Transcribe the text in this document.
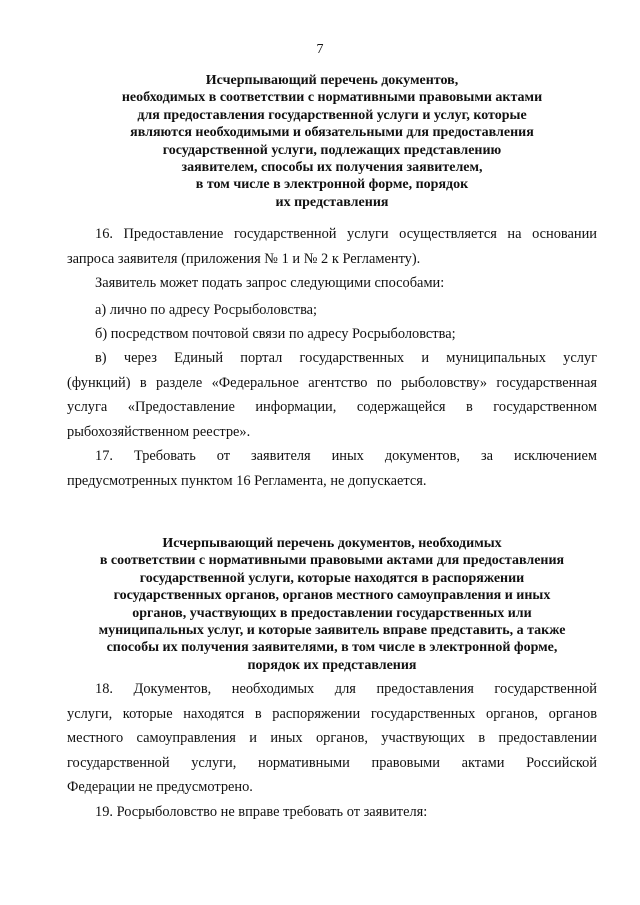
7
Исчерпывающий перечень документов,
необходимых в соответствии с нормативными правовыми актами
для предоставления государственной услуги и услуг, которые
являются необходимыми и обязательными для предоставления
государственной услуги, подлежащих представлению
заявителем, способы их получения заявителем,
в том числе в электронной форме, порядок
их представления
16. Предоставление государственной услуги осуществляется на основании
запроса заявителя (приложения № 1 и № 2 к Регламенту).
Заявитель может подать запрос следующими способами:
а) лично по адресу Росрыболовства;
б) посредством почтовой связи по адресу Росрыболовства;
в) через Единый портал государственных и муниципальных услуг
(функций) в разделе «Федеральное агентство по рыболовству» государственная
услуга «Предоставление информации, содержащейся в государственном
рыбохозяйственном реестре».
17. Требовать от заявителя иных документов, за исключением
предусмотренных пунктом 16 Регламента, не допускается.
Исчерпывающий перечень документов, необходимых
в соответствии с нормативными правовыми актами для предоставления
государственной услуги, которые находятся в распоряжении
государственных органов, органов местного самоуправления и иных
органов, участвующих в предоставлении государственных или
муниципальных услуг, и которые заявитель вправе представить, а также
способы их получения заявителями, в том числе в электронной форме,
порядок их представления
18. Документов, необходимых для предоставления государственной
услуги, которые находятся в распоряжении государственных органов, органов
местного самоуправления и иных органов, участвующих в предоставлении
государственной услуги, нормативными правовыми актами Российской
Федерации не предусмотрено.
19. Росрыболовство не вправе требовать от заявителя:
